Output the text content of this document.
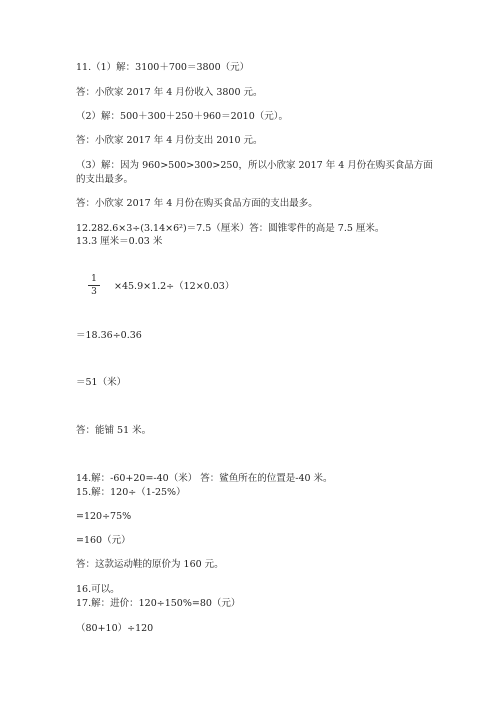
11.（1）解：3100＋700＝3800（元）
答：小欣家 2017 年 4 月份收入 3800 元。
（2）解：500＋300＋250＋960＝2010（元）。
答：小欣家 2017 年 4 月份支出 2010 元。
（3）解：因为 960>500>300>250，所以小欣家 2017 年 4 月份在购买食品方面
的支出最多。
答：小欣家 2017 年 4 月份在购买食品方面的支出最多。
12.282.6×3÷(3.14×6²)＝7.5（厘米）答：圆锥零件的高是 7.5 厘米。
13.3 厘米＝0.03 米
1
3	×45.9×1.2÷（12×0.03）
＝18.36÷0.36
＝51（米）
答：能铺 51 米。
14.解：-60+20=-40（米） 答：鲨鱼所在的位置是-40 米。
15.解：120÷（1-25%）
=120÷75%
=160（元）
答：这款运动鞋的原价为 160 元。
16.可以。
17.解：进价：120÷150%=80（元）
（80+10）÷120
